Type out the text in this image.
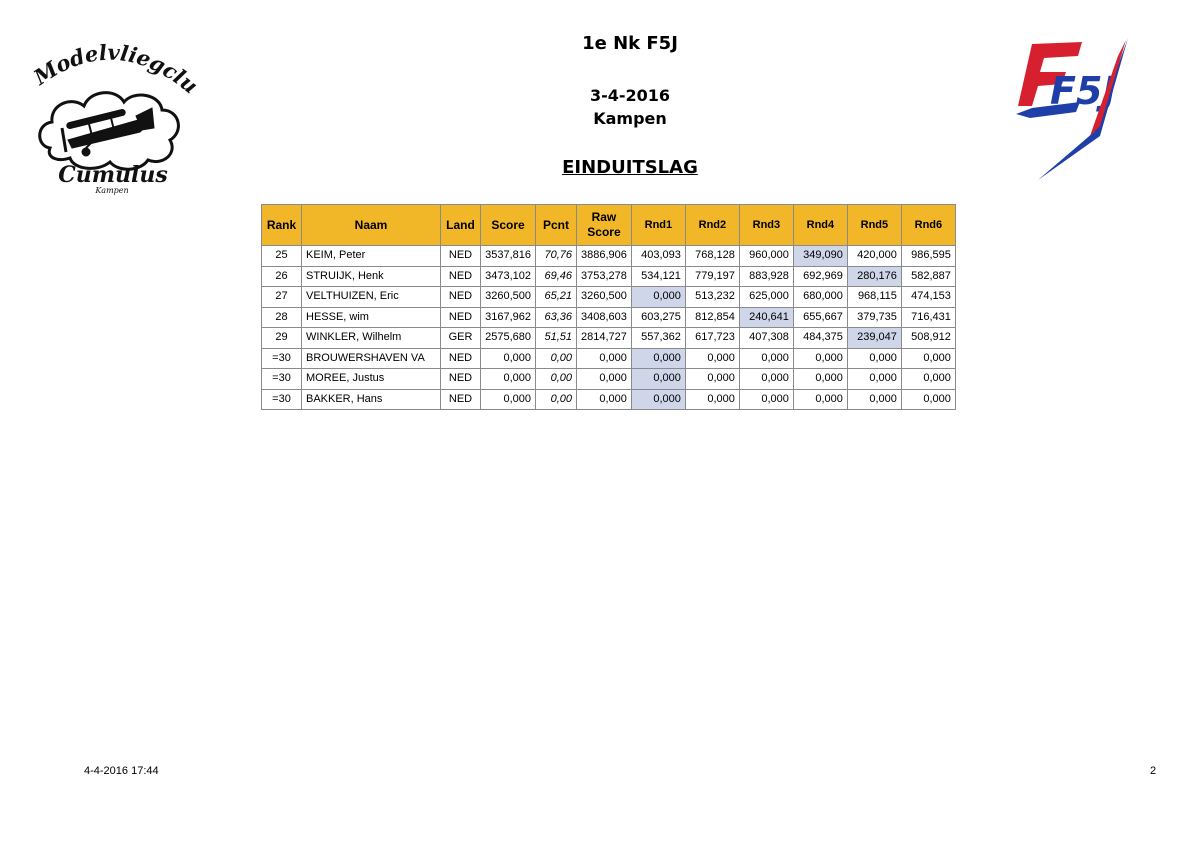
Modelvliegcl
Cumulus
Kampen
F5J
1e Nk F5J
3-4-2016
Kampen
EINDUITSLAG
Rank	Naam	Land	Score	Pcnt	Raw Score	Rnd1	Rnd2	Rnd3	Rnd4	Rnd5	Rnd6
25	KEIM, Peter	NED	3537,816	70,76	3886,906	403,093	768,128	960,000	349,090	420,000	986,595
26	STRUIJK, Henk	NED	3473,102	69,46	3753,278	534,121	779,197	883,928	692,969	280,176	582,887
27	VELTHUIZEN, Eric	NED	3260,500	65,21	3260,500	0,000	513,232	625,000	680,000	968,115	474,153
28	HESSE, wim	NED	3167,962	63,36	3408,603	603,275	812,854	240,641	655,667	379,735	716,431
29	WINKLER, Wilhelm	GER	2575,680	51,51	2814,727	557,362	617,723	407,308	484,375	239,047	508,912
=30	BROUWERSHAVEN VA	NED	0,000	0,00	0,000	0,000	0,000	0,000	0,000	0,000	0,000
=30	MOREE, Justus	NED	0,000	0,00	0,000	0,000	0,000	0,000	0,000	0,000	0,000
=30	BAKKER, Hans	NED	0,000	0,00	0,000	0,000	0,000	0,000	0,000	0,000	0,000
4-4-2016 17:44	2
